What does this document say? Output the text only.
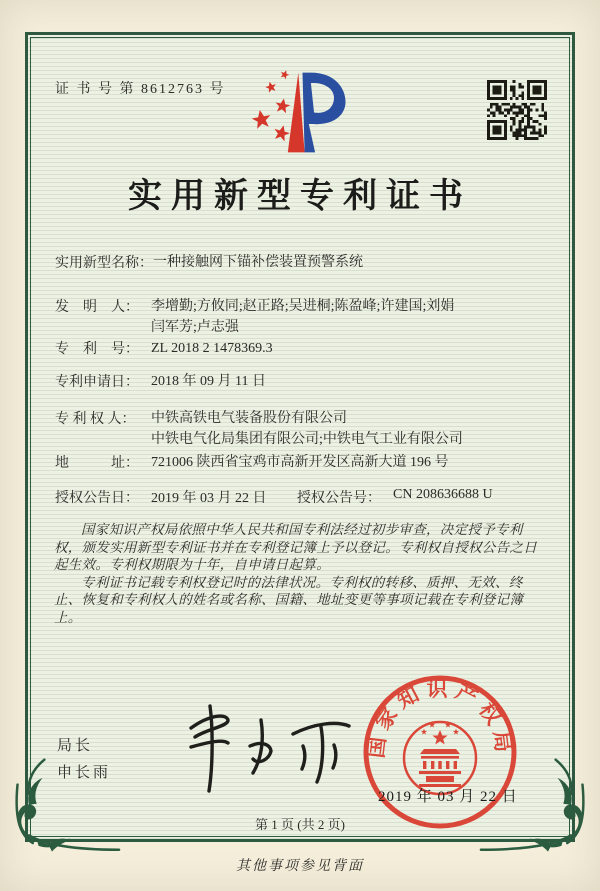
证 书 号 第 8612763 号
实用新型专利证书
实用新型名称： 一种接触网下锚补偿装置预警系统
发　明　人： 李增勤;方攸同;赵正路;吴进桐;陈盈峰;许建国;刘娟
闫军芳;卢志强
专　利　号： ZL 2018 2 1478369.3
专利申请日： 2018 年 09 月 11 日
专 利 权 人：	中铁高铁电气装备股份有限公司
中铁电气化局集团有限公司;中铁电气工业有限公司
地　　　址： 721006 陕西省宝鸡市高新开发区高新大道 196 号
授权公告日： 2019 年 03 月 22 日	授权公告号： CN 208636688 U

国家知识产权局依照中华人民共和国专利法经过初步审查，决定授予专利权，颁发实用新型专利证书并在专利登记簿上予以登记。专利权自授权公告之日起生效。专利权期限为十年，自申请日起算。

专利证书记载专利权登记时的法律状况。专利权的转移、质押、无效、终止、恢复和专利权人的姓名或名称、国籍、地址变更等事项记载在专利登记簿上。

局长
申长雨
国家知识产权局
2019 年 03 月 22 日
第 1 页 (共 2 页)
其他事项参见背面
